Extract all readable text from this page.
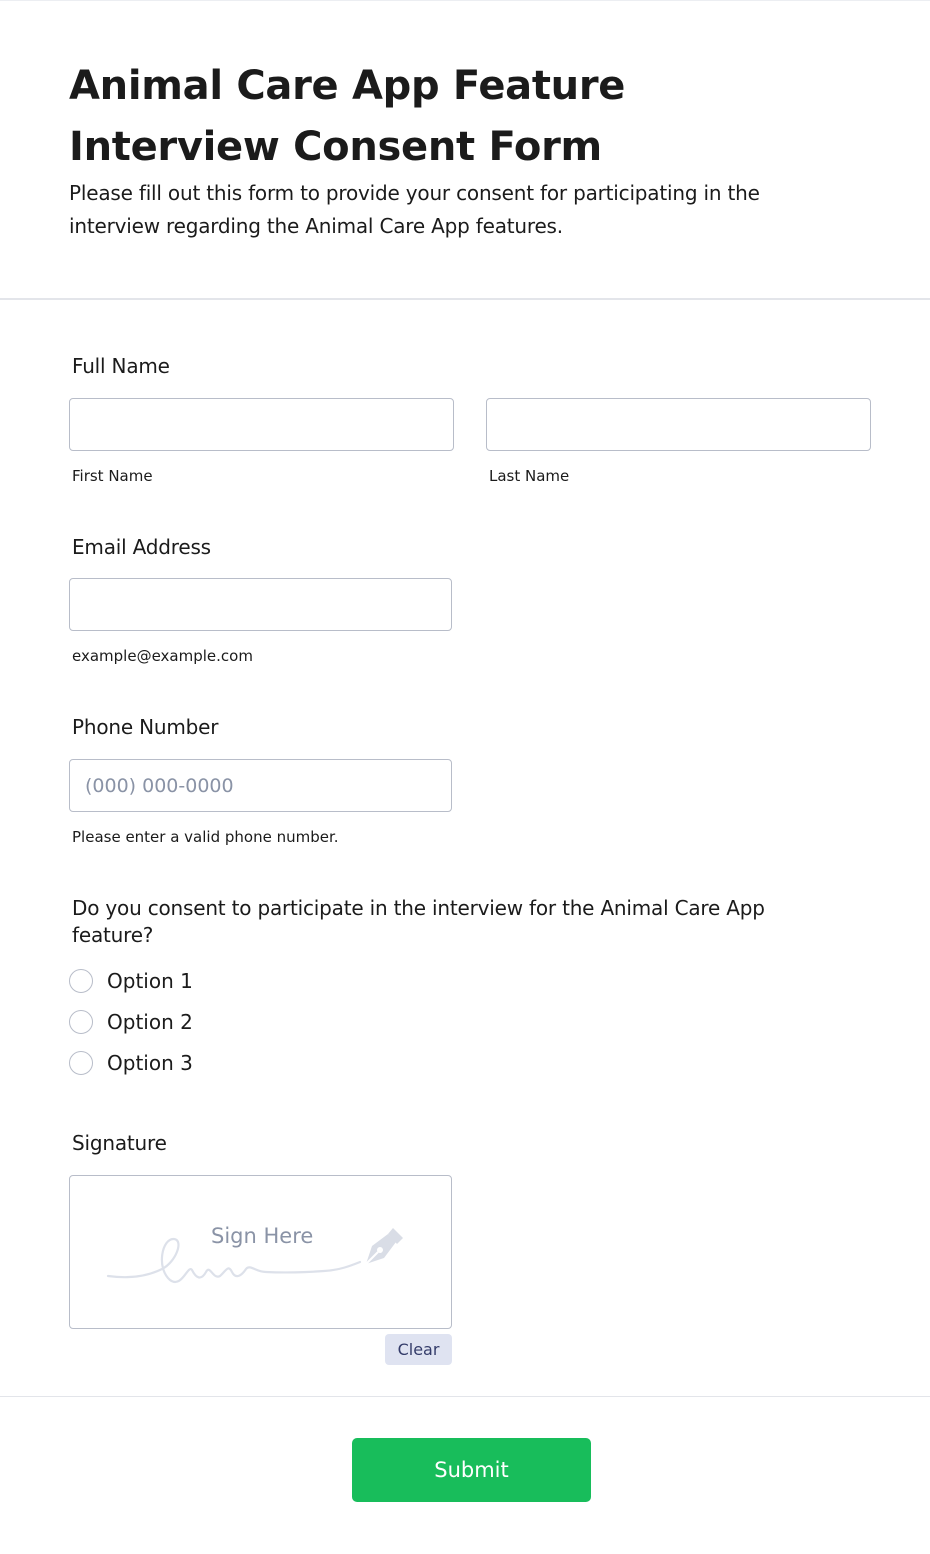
Animal Care App Feature Interview Consent Form
Please fill out this form to provide your consent for participating in the interview regarding the Animal Care App features.
Full Name
First Name	Last Name
Email Address
example@example.com
Phone Number
(000) 000-0000
Please enter a valid phone number.
Do you consent to participate in the interview for the Animal Care App feature?
Option 1
Option 2
Option 3
Signature
Sign Here
Clear
Submit
